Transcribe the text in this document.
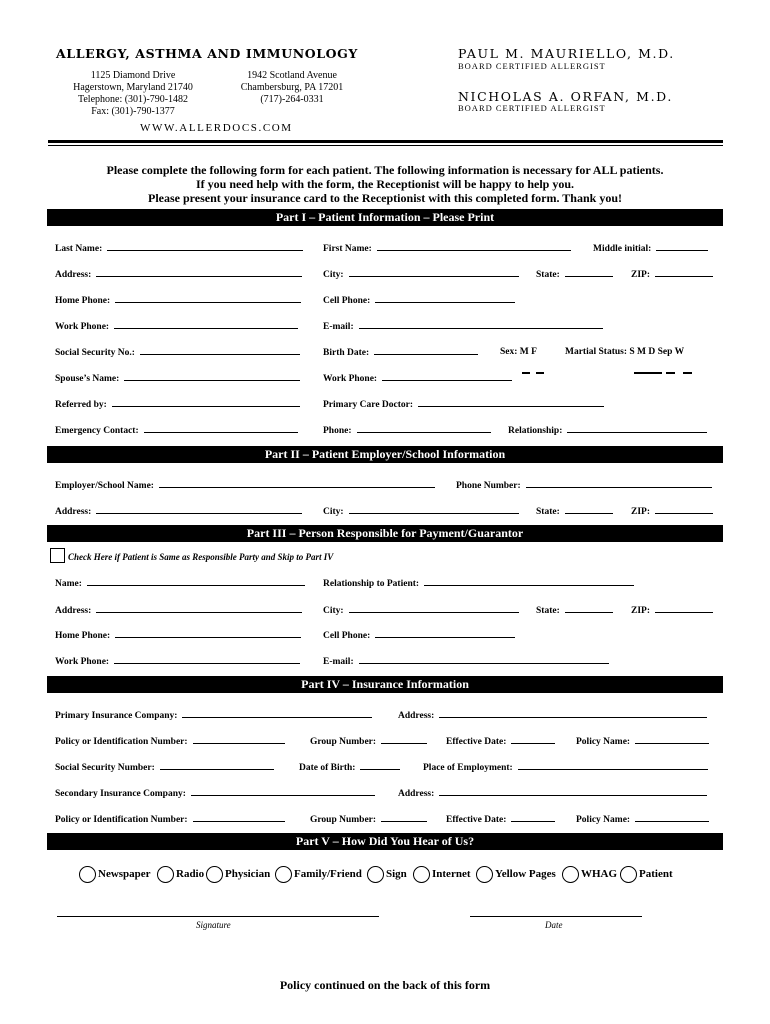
ALLERGY, ASTHMA AND IMMUNOLOGY
1125 Diamond Drive
Hagerstown, Maryland 21740
Telephone: (301)-790-1482
Fax: (301)-790-1377
1942 Scotland Avenue
Chambersburg, PA 17201
(717)-264-0331
WWW.ALLERDOCS.COM
PAUL M. MAURIELLO, M.D.
BOARD CERTIFIED ALLERGIST
NICHOLAS A. ORFAN, M.D.
BOARD CERTIFIED ALLERGIST
Please complete the following form for each patient. The following information is necessary for ALL patients.
If you need help with the form, the Receptionist will be happy to help you.
Please present your insurance card to the Receptionist with this completed form. Thank you!
Part I – Patient Information – Please Print
Last Name:	First Name:	Middle initial:
Address:	City:	State:	ZIP:
Home Phone:	Cell Phone:
Work Phone:	E-mail:
Social Security No.:	Birth Date:	Sex: M F	Martial Status: S M D Sep W
Spouse’s Name:	Work Phone:
Referred by:	Primary Care Doctor:
Emergency Contact:	Phone:	Relationship:
Part II – Patient Employer/School Information
Employer/School Name:	Phone Number:
Address:	City:	State:	ZIP:
Part III – Person Responsible for Payment/Guarantor
Check Here if Patient is Same as Responsible Party and Skip to Part IV
Name:	Relationship to Patient:
Address:	City:	State:	ZIP:
Home Phone:	Cell Phone:
Work Phone:	E-mail:
Part IV – Insurance Information
Primary Insurance Company:	Address:
Policy or Identification Number:	Group Number:	Effective Date:	Policy Name:
Social Security Number:	Date of Birth:	Place of Employment:
Secondary Insurance Company:	Address:
Policy or Identification Number:	Group Number:	Effective Date:	Policy Name:
Part V – How Did You Hear of Us?
Newspaper	Radio	Physician	Family/Friend	Sign	Internet	Yellow Pages	WHAG	Patient
Signature	Date
Policy continued on the back of this form
